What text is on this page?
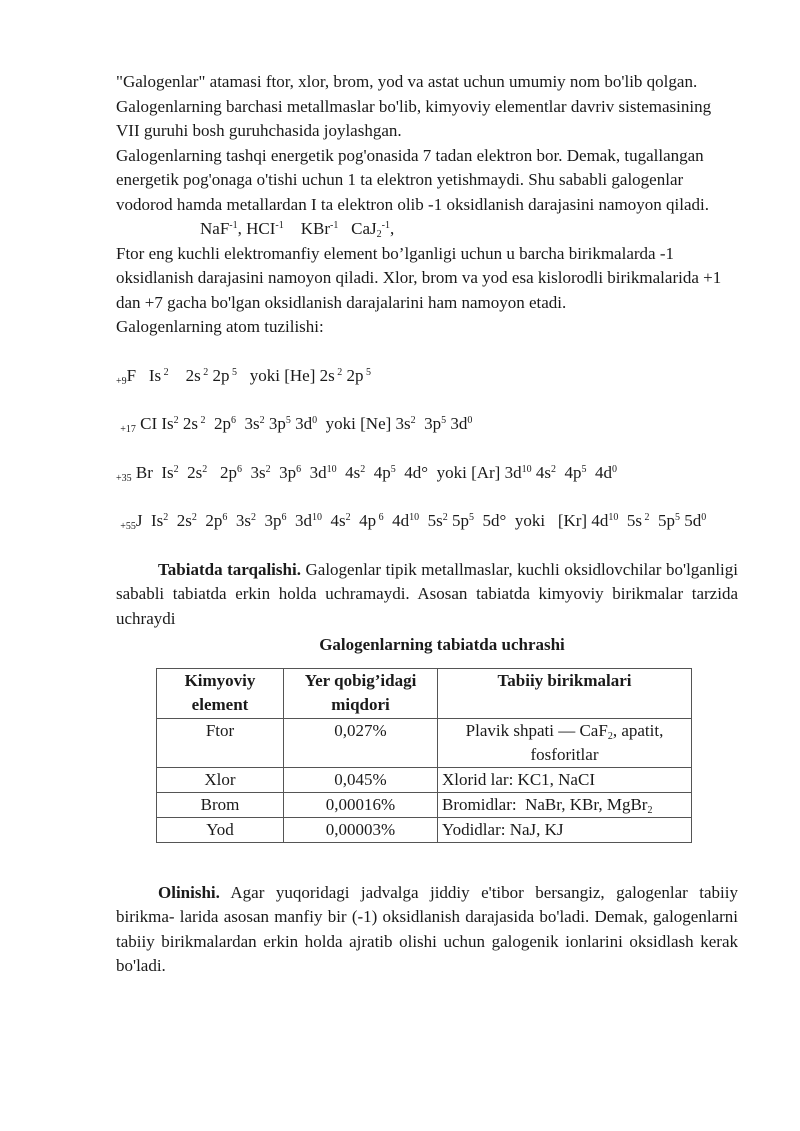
"Galogenlar" atamasi ftor, xlor, brom, yod va astat uchun umumiy nom bo'lib qolgan. Galogenlarning barchasi metallmaslar bo'lib, kimyoviy elementlar davriv sistemasining VII guruhi bosh guruhchasida joylashgan.

Galogenlarning tashqi energetik pog'onasida 7 tadan elektron bor. Demak, tugallangan energetik pog'onaga o'tishi uchun 1 ta elektron yetishmaydi. Shu sababli galogenlar vodorod hamda metallardan I ta elektron olib -1 oksidlanish darajasini namoyon qiladi.

NaF$^{-1}$, $HCI^{-1}$ KBr$^{-1}$ CaJ$_2^{-1}$,

Ftor eng kuchli elektromanfiy element bo’lganligi uchun u barcha birikmalarda -1 oksidlanish darajasini namoyon qiladi. Xlor, brom va yod esa kislorodli birikmalarida +1 dan +7 gacha bo'lgan oksidlanish darajalarini ham namoyon etadi.

Galogenlarning atom tuzilishi:

$_{+9}$F   Is $^2$    2s $^2$ 2p $^5$   yoki [He] 2s $^2$ 2p $^5$

$_{+17}$ CI Is$^2$ 2s $^2$  $2p^6$  $3s^2$ $3p^5$ $3d^0$  yoki [Ne] $3s^2$  $3p^5$ $3d^0$

$_{+35}$ Br  Is$^2$  $2s^2$   $2p^6$  $3s^2$  $3p^6$  $3d^{10}$  $4s^2$  $4p^5$  4d°  yoki [Ar] $3d^{10}$ $4s^2$  $4p^5$  $4d^0$

$_{+55}$J  Is$^2$  $2s^2$  $2p^6$  $3s^2$  $3p^6$  $3d^{10}$  $4s^2$  4p $^6$  $4d^{10}$  $5s^2$ $5p^5$  5d°  yoki   [Kr] $4d^{10}$  5s $^2$  $5p^5$ $5d^0$

Tabiatda tarqalishi. Galogenlar tipik metallmaslar, kuchli oksidlovchilar bo'lganligi sababli tabiatda erkin holda uchramaydi. Asosan tabiatda kimyoviy birikmalar tarzida uchraydi

Galogenlarning tabiatda uchrashi

Kimyoviy element	Yer qobig’idagi miqdori	Tabiiy birikmalari
Ftor	0,027%	Plavik shpati — CaF$_2$, apatit, fosforitlar
Xlor	0,045%	Xlorid lar: KC1, NaCI
Brom	0,00016%	Bromidlar:  NaBr, KBr, MgBr$_2$
Yod	0,00003%	Yodidlar: NaJ, KJ

Olinishi. Agar yuqoridagi jadvalga jiddiy e'tibor bersangiz, galogenlar tabiiy birikma- larida asosan manfiy bir (-1) oksidlanish darajasida bo'ladi. Demak, galogenlarni tabiiy birikmalardan erkin holda ajratib olishi uchun galogenik ionlarini oksidlash kerak bo'ladi.
